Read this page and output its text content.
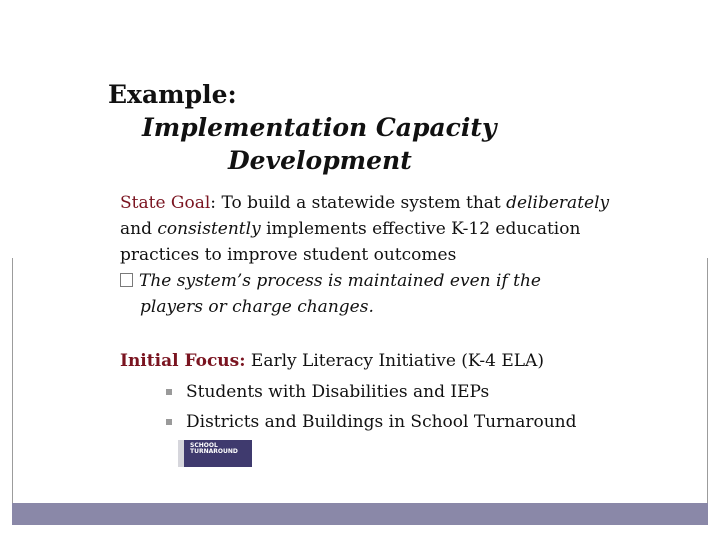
Example:
Implementation Capacity
Development
State Goal: To build a statewide system that deliberately and consistently implements effective K-12 education practices to improve student outcomes
The system’s process is maintained even if the
players or charge changes.
Initial Focus: Early Literacy Initiative (K-4 ELA)
Students with Disabilities and IEPs
Districts and Buildings in School Turnaround
SCHOOL
TURNAROUND
